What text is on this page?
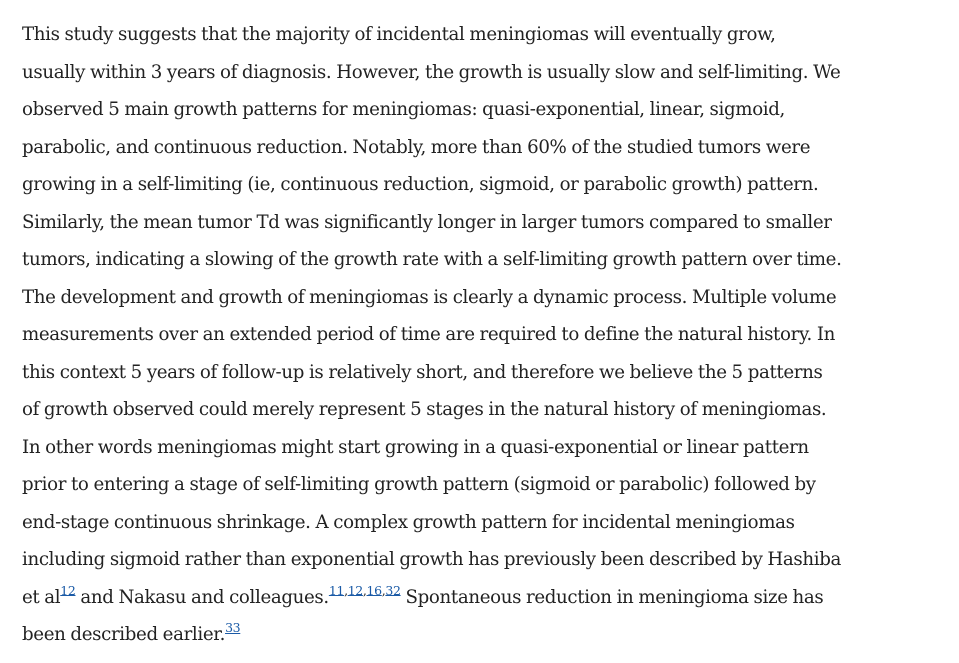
This study suggests that the majority of incidental meningiomas will eventually grow,
usually within 3 years of diagnosis. However, the growth is usually slow and self-limiting. We
observed 5 main growth patterns for meningiomas: quasi-exponential, linear, sigmoid,
parabolic, and continuous reduction. Notably, more than 60% of the studied tumors were
growing in a self-limiting (ie, continuous reduction, sigmoid, or parabolic growth) pattern.
Similarly, the mean tumor Td was significantly longer in larger tumors compared to smaller
tumors, indicating a slowing of the growth rate with a self-limiting growth pattern over time.
The development and growth of meningiomas is clearly a dynamic process. Multiple volume
measurements over an extended period of time are required to define the natural history. In
this context 5 years of follow-up is relatively short, and therefore we believe the 5 patterns
of growth observed could merely represent 5 stages in the natural history of meningiomas.
In other words meningiomas might start growing in a quasi-exponential or linear pattern
prior to entering a stage of self-limiting growth pattern (sigmoid or parabolic) followed by
end-stage continuous shrinkage. A complex growth pattern for incidental meningiomas
including sigmoid rather than exponential growth has previously been described by Hashiba
et al$^{12}$ and Nakasu and colleagues.$^{11,12,16,32}$ Spontaneous reduction in meningioma size has
been described earlier.$^{33}$
